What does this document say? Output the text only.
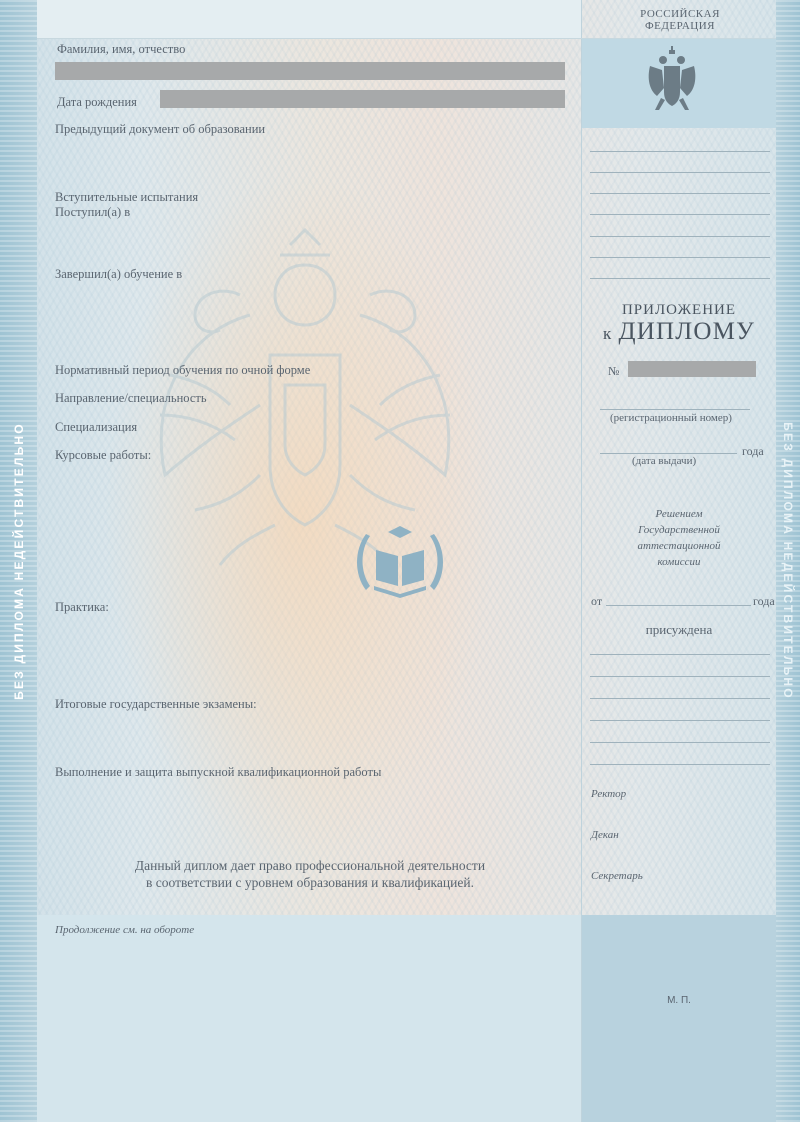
БЕЗ ДИПЛОМА НЕДЕЙСТВИТЕЛЬНО	БЕЗ ДИПЛОМА НЕДЕЙСТВИТЕЛЬНО
Фамилия, имя, отчество
Дата рождения
Предыдущий документ об образовании
Вступительные испытания
Поступил(а) в
Завершил(а) обучение в
Нормативный период обучения по очной форме
Направление/специальность
Специализация
Курсовые работы:
Практика:
Итоговые государственные экзамены:
Выполнение и защита выпускной квалификационной работы
Данный диплом дает право профессиональной деятельности
в соответствии с уровнем образования и квалификацией.
Продолжение см. на обороте
РОССИЙСКАЯ
ФЕДЕРАЦИЯ
ПРИЛОЖЕНИЕ
к ДИПЛОМУ
№
(регистрационный номер)
года
(дата выдачи)
Решением
Государственной
аттестационной
комиссии
от	года
присуждена
Ректор
Декан
Секретарь
М. П.
